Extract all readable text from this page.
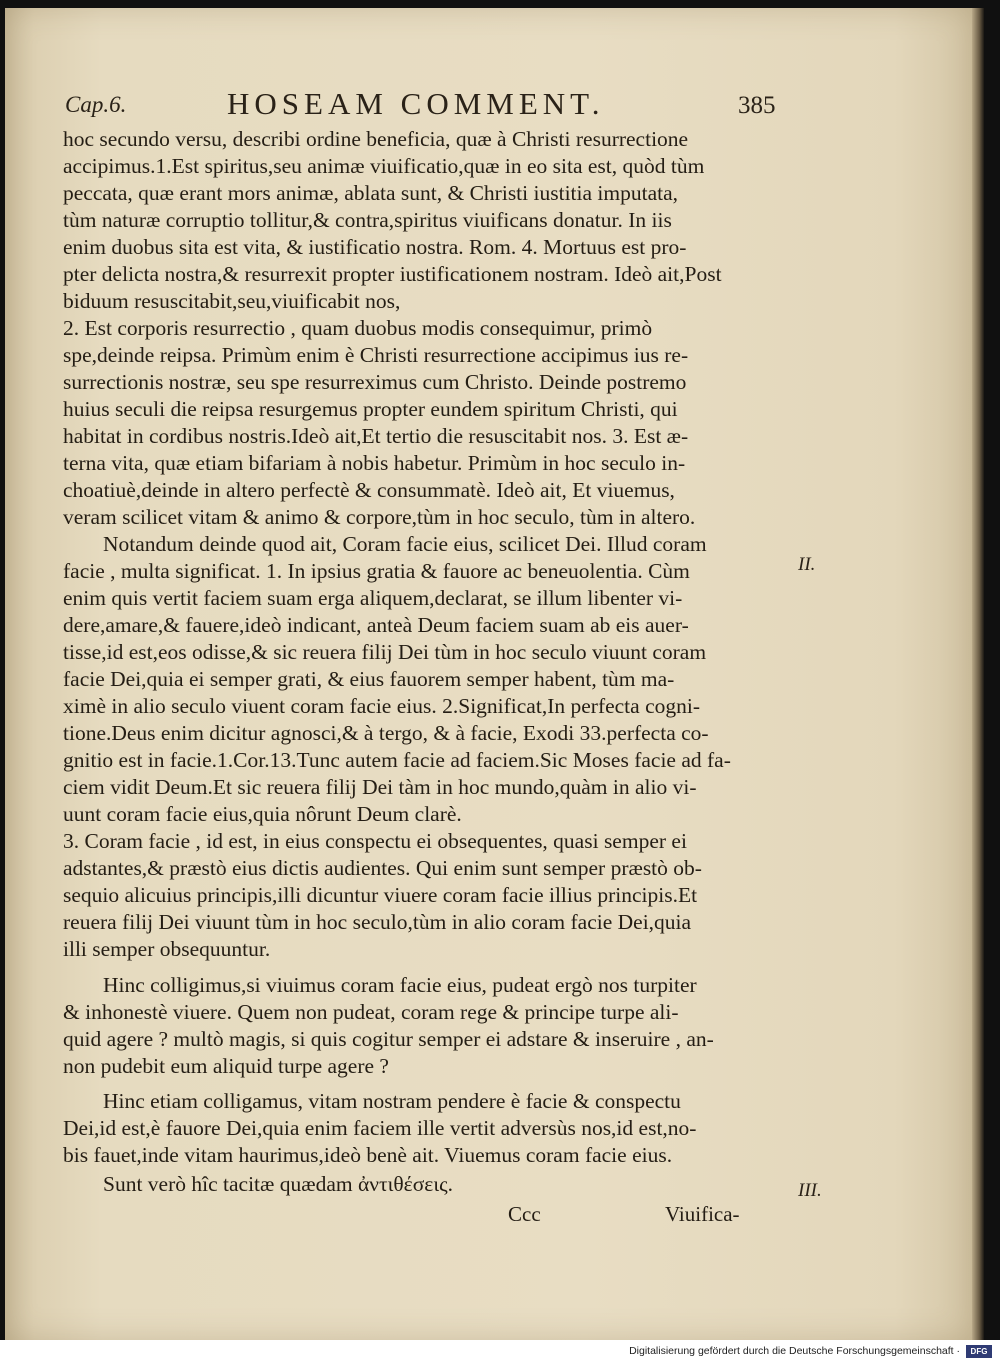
Cap.6.	HOSEAM COMMENT.	385
hoc secundo versu, describi ordine beneficia, quæ à Christi resurrectione
accipimus.1.Est spiritus,seu animæ viuificatio,quæ in eo sita est, quòd tùm
peccata, quæ erant mors animæ, ablata sunt, & Christi iustitia imputata,
tùm naturæ corruptio tollitur,& contra,spiritus viuificans donatur. In iis
enim duobus sita est vita, & iustificatio nostra. Rom. 4. Mortuus est pro-
pter delicta nostra,& resurrexit propter iustificationem nostram. Ideò ait,Post
biduum resuscitabit,seu,viuificabit nos,
2. Est corporis resurrectio , quam duobus modis consequimur, primò
spe,deinde reipsa. Primùm enim è Christi resurrectione accipimus ius re-
surrectionis nostræ, seu spe resurreximus cum Christo. Deinde postremo
huius seculi die reipsa resurgemus propter eundem spiritum Christi, qui
habitat in cordibus nostris.Ideò ait,Et tertio die resuscitabit nos. 3. Est æ-
terna vita, quæ etiam bifariam à nobis habetur. Primùm in hoc seculo in-
choatiuè,deinde in altero perfectè & consummatè. Ideò ait, Et viuemus,
veram scilicet vitam & animo & corpore,tùm in hoc seculo, tùm in altero.
Notandum deinde quod ait, Coram facie eius, scilicet Dei. Illud coram
facie , multa significat. 1. In ipsius gratia & fauore ac beneuolentia. Cùm
enim quis vertit faciem suam erga aliquem,declarat, se illum libenter vi-
dere,amare,& fauere,ideò indicant, anteà Deum faciem suam ab eis auer-
tisse,id est,eos odisse,& sic reuera filij Dei tùm in hoc seculo viuunt coram
facie Dei,quia ei semper grati, & eius fauorem semper habent, tùm ma-
ximè in alio seculo viuent coram facie eius. 2.Significat,In perfecta cogni-
tione.Deus enim dicitur agnosci,& à tergo, & à facie, Exodi 33.perfecta co-
gnitio est in facie.1.Cor.13.Tunc autem facie ad faciem.Sic Moses facie ad fa-
ciem vidit Deum.Et sic reuera filij Dei tàm in hoc mundo,quàm in alio vi-
uunt coram facie eius,quia nôrunt Deum clarè.
3. Coram facie , id est, in eius conspectu ei obsequentes, quasi semper ei
adstantes,& præstò eius dictis audientes. Qui enim sunt semper præstò ob-
sequio alicuius principis,illi dicuntur viuere coram facie illius principis.Et
reuera filij Dei viuunt tùm in hoc seculo,tùm in alio coram facie Dei,quia
illi semper obsequuntur.
Hinc colligimus,si viuimus coram facie eius, pudeat ergò nos turpiter
& inhonestè viuere. Quem non pudeat, coram rege & principe turpe ali-
quid agere ? multò magis, si quis cogitur semper ei adstare & inseruire , an-
non pudebit eum aliquid turpe agere ?
Hinc etiam colligamus, vitam nostram pendere è facie & conspectu
Dei,id est,è fauore Dei,quia enim faciem ille vertit adversùs nos,id est,no-
bis fauet,inde vitam haurimus,ideò benè ait. Viuemus coram facie eius.
Sunt verò hîc tacitæ quædam ἀντιθέσεις.
II.
III.
Ccc	Viuifica-
Digitalisierung gefördert durch die Deutsche Forschungsgemeinschaft ·	DFG
